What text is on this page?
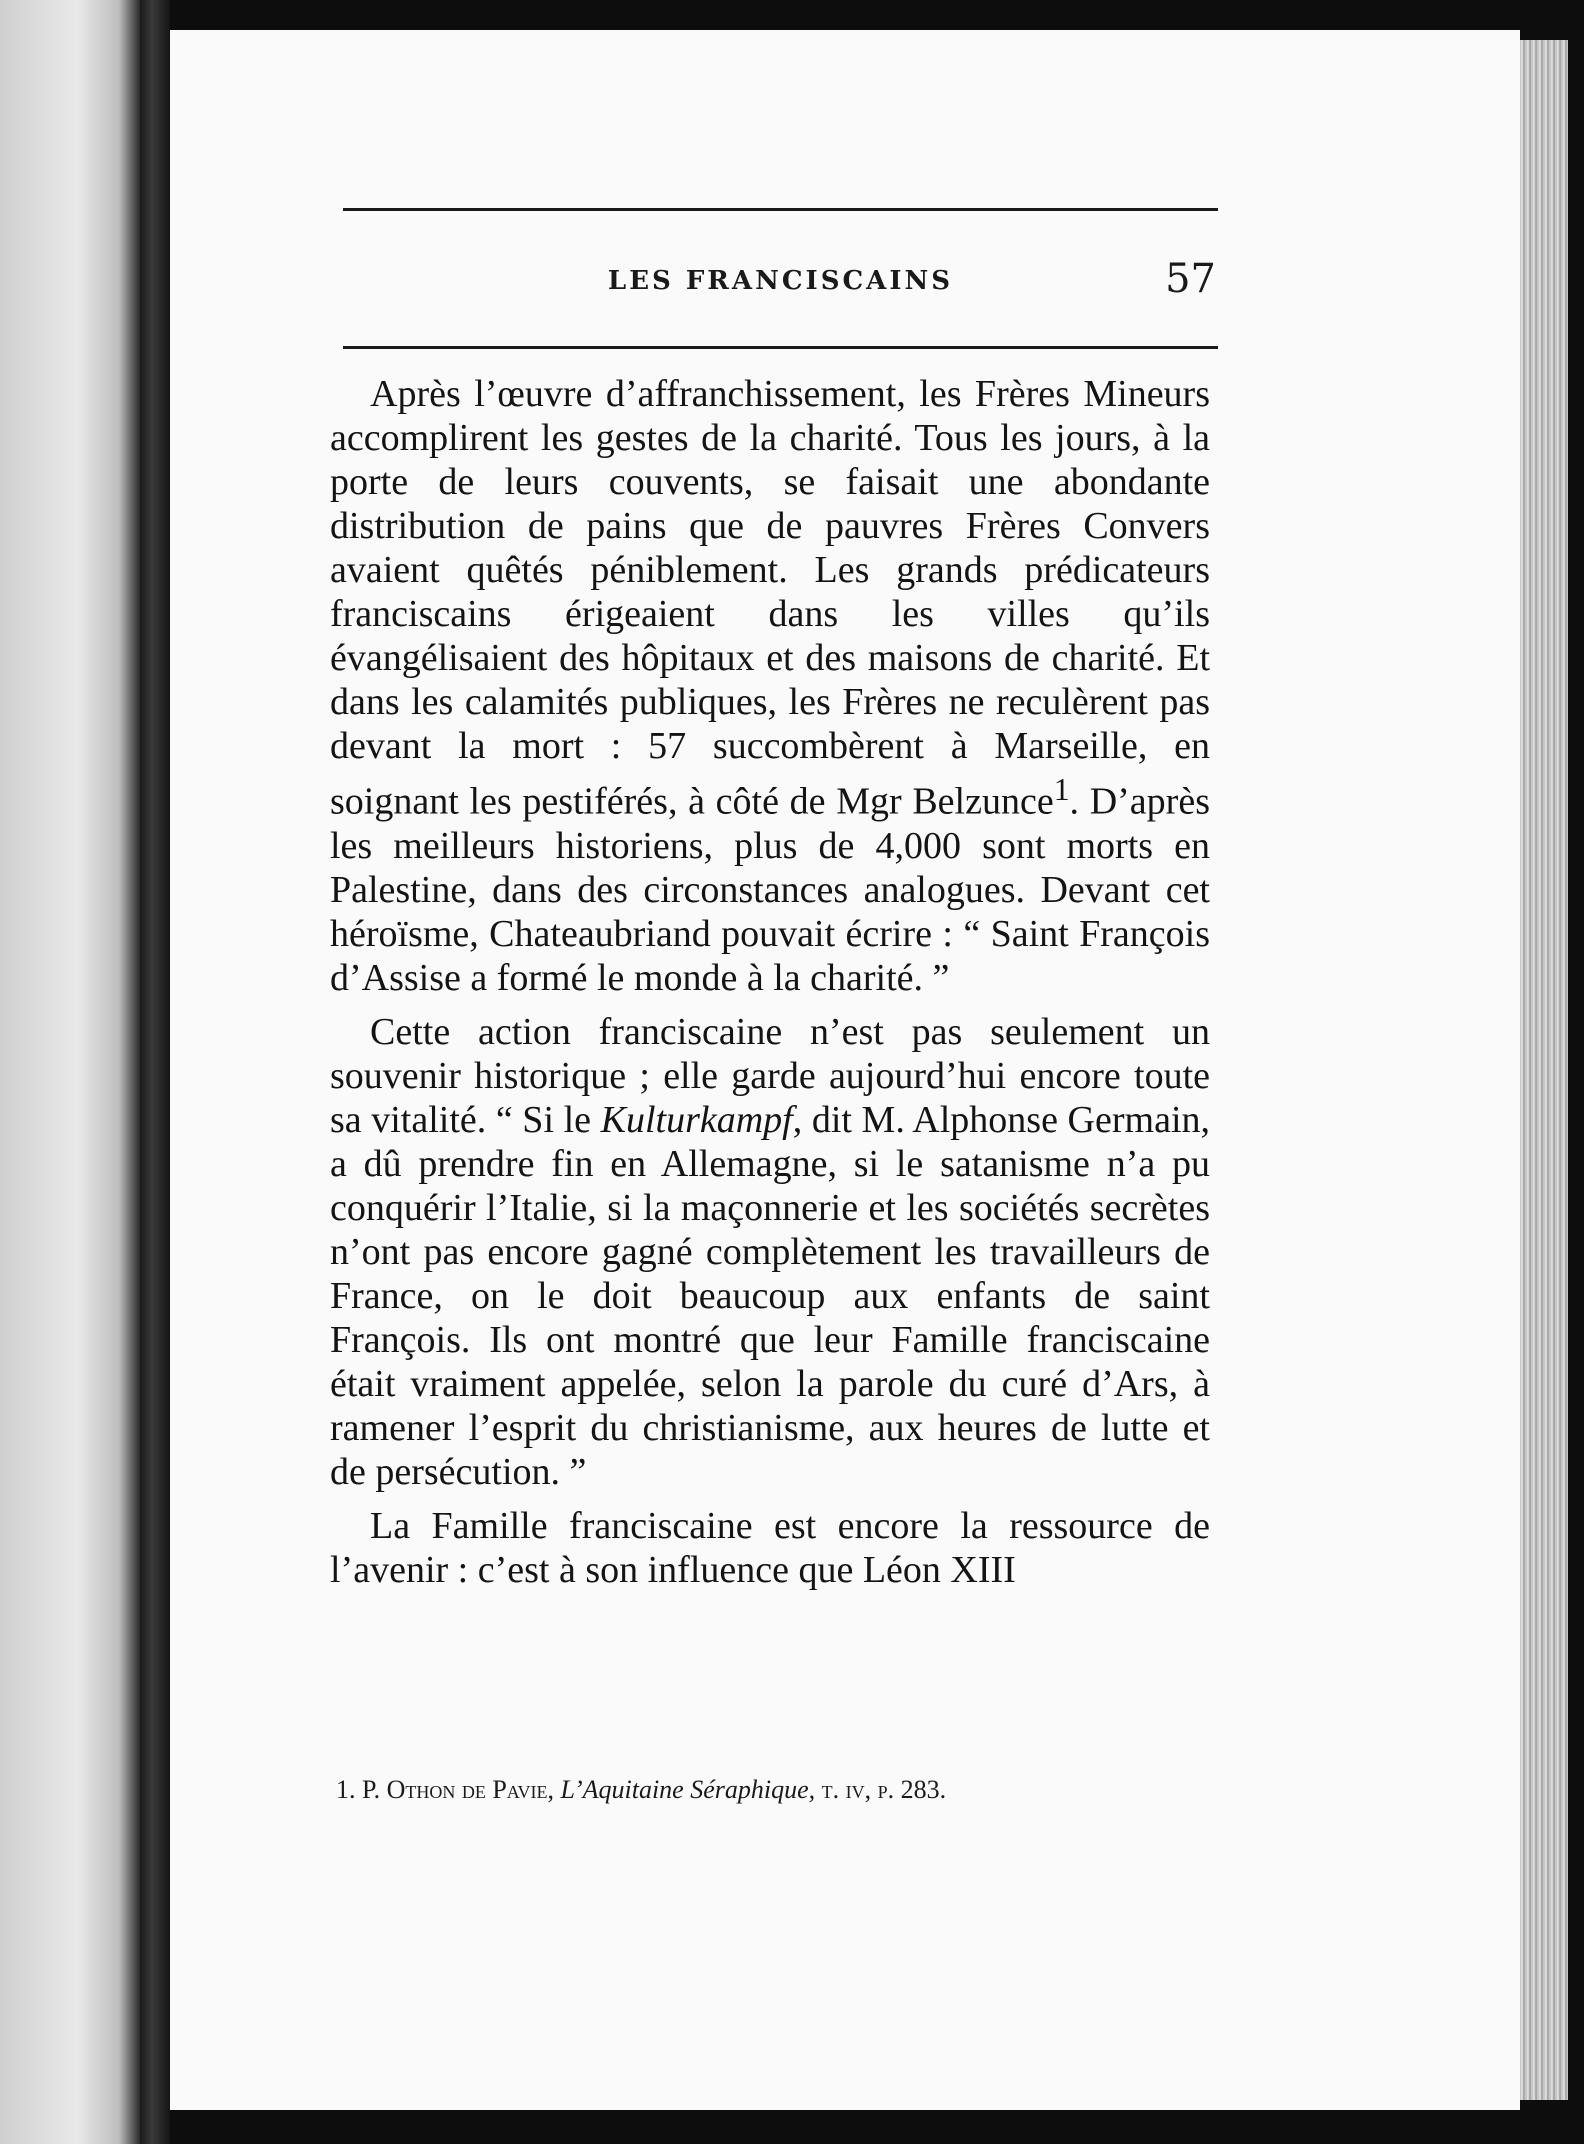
LES FRANCISCAINS	57

Après l’œuvre d’affranchissement, les Frères Mineurs accomplirent les gestes de la charité. Tous les jours, à la porte de leurs couvents, se faisait une abondante distribution de pains que de pauvres Frères Convers avaient quêtés péniblement. Les grands prédicateurs franciscains érigeaient dans les villes qu’ils évangélisaient des hôpitaux et des maisons de charité. Et dans les calamités publiques, les Frères ne reculèrent pas devant la mort : 57 succombèrent à Marseille, en soignant les pestiférés, à côté de Mgr Belzunce$^1$. D’après les meilleurs historiens, plus de 4,000 sont morts en Palestine, dans des circonstances analogues. Devant cet héroïsme, Chateaubriand pouvait écrire : “ Saint François d’Assise a formé le monde à la charité. ”

Cette action franciscaine n’est pas seulement un souvenir historique ; elle garde aujourd’hui encore toute sa vitalité. “ Si le Kulturkampf, dit M. Alphonse Germain, a dû prendre fin en Allemagne, si le satanisme n’a pu conquérir l’Italie, si la maçonnerie et les sociétés secrètes n’ont pas encore gagné complètement les travailleurs de France, on le doit beaucoup aux enfants de saint François. Ils ont montré que leur Famille franciscaine était vraiment appelée, selon la parole du curé d’Ars, à ramener l’esprit du christianisme, aux heures de lutte et de persécution. ”

La Famille franciscaine est encore la ressource de l’avenir : c’est à son influence que Léon XIII

1. P. Othon de Pavie, L’Aquitaine Séraphique, t. iv, p. 283.
